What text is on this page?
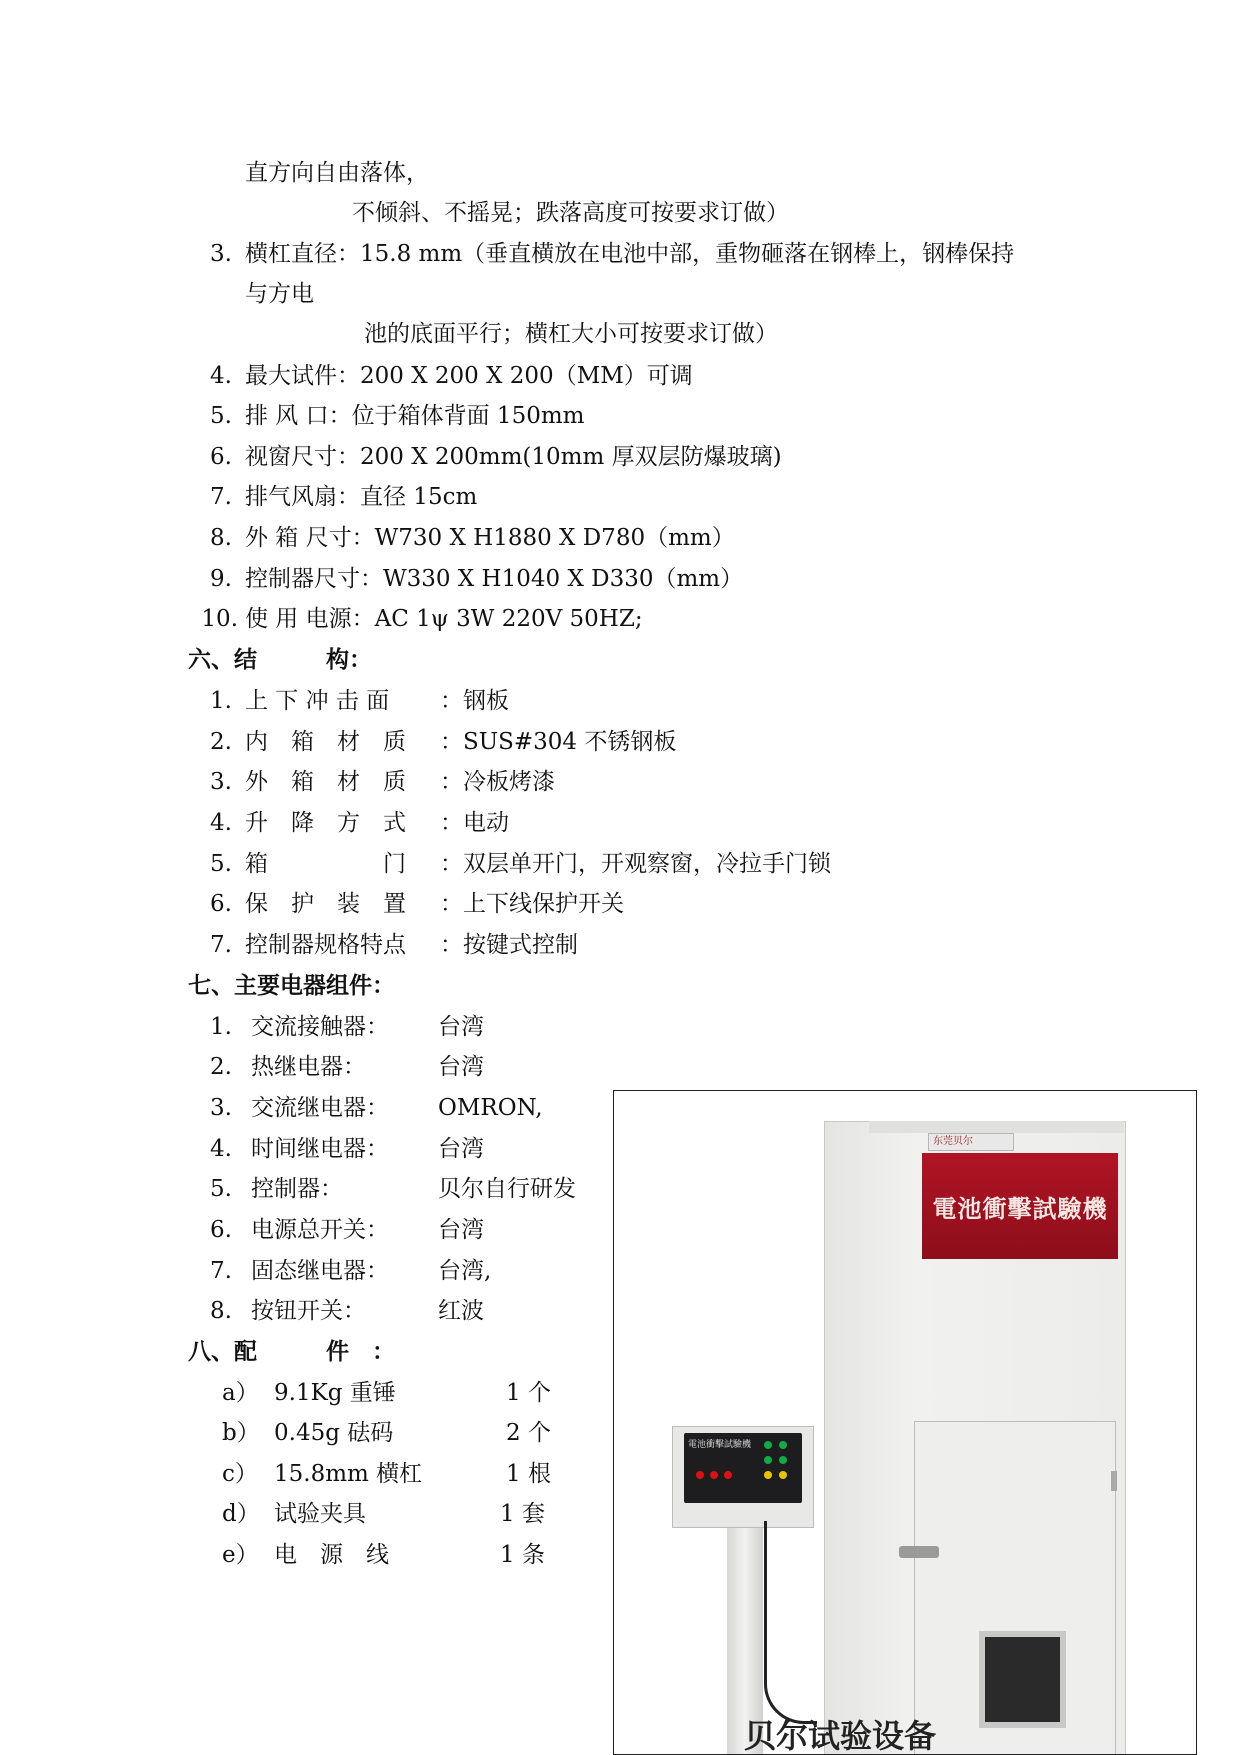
直方向自由落体，
不倾斜、不摇晃；跌落高度可按要求订做）
3. 横杠直径：15.8 mm（垂直横放在电池中部，重物砸落在钢棒上，钢棒保持
与方电
池的底面平行；横杠大小可按要求订做）
4. 最大试件：200 X 200 X 200（MM）可调
5. 排 风 口：位于箱体背面 150mm
6. 视窗尺寸：200 X 200mm(10mm 厚双层防爆玻璃)
7. 排气风扇：直径 15cm
8. 外 箱 尺寸：W730 X H1880 X D780（mm）
9. 控制器尺寸：W330 X H1040 X D330（mm）
10. 使 用 电源：AC 1ψ 3W 220V 50HZ;
六、结　　　构：
1. 上 下 冲 击 面 ：钢板
2. 内　箱　材　质 ：SUS#304 不锈钢板
3. 外　箱　材　质 ：冷板烤漆
4. 升　降　方　式 ：电动
5. 箱　　　　　门 ：双层单开门，开观察窗，冷拉手门锁
6. 保　护　装　置 ：上下线保护开关
7. 控制器规格特点 ：按键式控制
七、主要电器组件：
1. 交流接触器： 台湾
2. 热继电器：	台湾
3. 交流继电器： OMRON,
4. 时间继电器： 台湾
5. 控制器：	贝尔自行研发
6. 电源总开关： 台湾
7. 固态继电器： 台湾,
8. 按钮开关：	红波
八、配　　　件　：
a） 9.1Kg 重锤	1 个
b） 0.45g 砝码	2 个
c） 15.8mm 横杠	1 根
d） 试验夹具	1 套
e） 电　源　线	1 条
东莞贝尔
電池衝擊試驗機
電池衝擊試驗機
贝尔试验设备
